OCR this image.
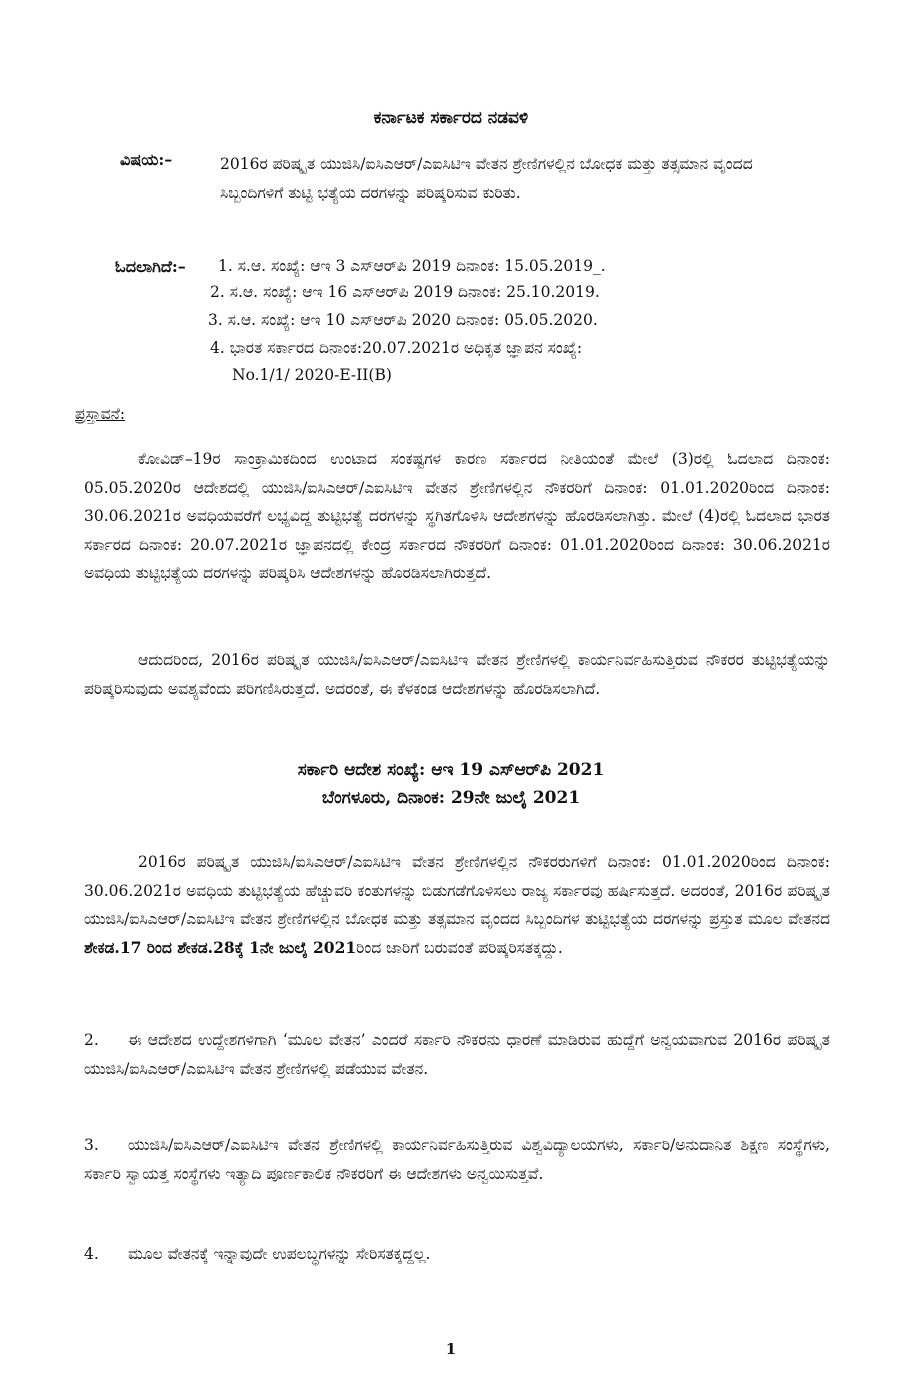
ಕರ್ನಾಟಕ ಸರ್ಕಾರದ ನಡವಳಿ
ವಿಷಯ:–	2016ರ ಪರಿಷ್ಕೃತ ಯುಜಿಸಿ/ಐಸಿಎಆರ್/ಎಐಸಿಟಿಇ ವೇತನ ಶ್ರೇಣಿಗಳಲ್ಲಿನ ಬೋಧಕ ಮತ್ತು ತತ್ಸಮಾನ ವೃಂದದ ಸಿಬ್ಬಂದಿಗಳಿಗೆ ತುಟ್ಟಿ ಭತ್ಯೆಯ ದರಗಳನ್ನು ಪರಿಷ್ಕರಿಸುವ ಕುರಿತು.
ಓದಲಾಗಿದೆ:– 1. ಸ.ಆ. ಸಂಖ್ಯೆ: ಆಇ 3 ಎಸ್‌ಆರ್‌ಪಿ 2019 ದಿನಾಂಕ: 15.05.2019_.
2. ಸ.ಆ. ಸಂಖ್ಯೆ: ಆಇ 16 ಎಸ್‌ಆರ್‌ಪಿ 2019 ದಿನಾಂಕ: 25.10.2019.
3. ಸ.ಆ. ಸಂಖ್ಯೆ: ಆಇ 10 ಎಸ್‌ಆರ್‌ಪಿ 2020 ದಿನಾಂಕ: 05.05.2020.
4. ಭಾರತ ಸರ್ಕಾರದ ದಿನಾಂಕ:20.07.2021ರ ಅಧಿಕೃತ ಜ್ಞಾಪನ ಸಂಖ್ಯೆ:
No.1/1/ 2020-E-II(B)
ಪ್ರಸ್ತಾವನೆ:
ಕೋವಿಡ್–19ರ ಸಾಂಕ್ರಾಮಿಕದಿಂದ ಉಂಟಾದ ಸಂಕಷ್ಟಗಳ ಕಾರಣ ಸರ್ಕಾರದ ನೀತಿಯಂತೆ ಮೇಲೆ (3)ರಲ್ಲಿ ಓದಲಾದ ದಿನಾಂಕ: 05.05.2020ರ ಆದೇಶದಲ್ಲಿ ಯುಜಿಸಿ/ಐಸಿಎಆರ್/ಎಐಸಿಟಿಇ ವೇತನ ಶ್ರೇಣಿಗಳಲ್ಲಿನ ನೌಕರರಿಗೆ ದಿನಾಂಕ: 01.01.2020ರಿಂದ ದಿನಾಂಕ: 30.06.2021ರ ಅವಧಿಯವರೆಗೆ ಲಭ್ಯವಿದ್ದ ತುಟ್ಟಿಭತ್ಯೆ ದರಗಳನ್ನು ಸ್ಥಗಿತಗೊಳಿಸಿ ಆದೇಶಗಳನ್ನು ಹೊರಡಿಸಲಾಗಿತ್ತು. ಮೇಲೆ (4)ರಲ್ಲಿ ಓದಲಾದ ಭಾರತ ಸರ್ಕಾರದ ದಿನಾಂಕ: 20.07.2021ರ ಜ್ಞಾಪನದಲ್ಲಿ ಕೇಂದ್ರ ಸರ್ಕಾರದ ನೌಕರರಿಗೆ ದಿನಾಂಕ: 01.01.2020ರಿಂದ ದಿನಾಂಕ: 30.06.2021ರ ಅವಧಿಯ ತುಟ್ಟಿಭತ್ಯೆಯ ದರಗಳನ್ನು ಪರಿಷ್ಕರಿಸಿ ಆದೇಶಗಳನ್ನು ಹೊರಡಿಸಲಾಗಿರುತ್ತದೆ.
ಆದುದರಿಂದ, 2016ರ ಪರಿಷ್ಕೃತ ಯುಜಿಸಿ/ಐಸಿಎಆರ್/ಎಐಸಿಟಿಇ ವೇತನ ಶ್ರೇಣಿಗಳಲ್ಲಿ ಕಾರ್ಯನಿರ್ವಹಿಸುತ್ತಿರುವ ನೌಕರರ ತುಟ್ಟಿಭತ್ಯೆಯನ್ನು ಪರಿಷ್ಕರಿಸುವುದು ಅವಶ್ಯವೆಂದು ಪರಿಗಣಿಸಿರುತ್ತದೆ. ಅದರಂತೆ, ಈ ಕೆಳಕಂಡ ಆದೇಶಗಳನ್ನು ಹೊರಡಿಸಲಾಗಿದೆ.
ಸರ್ಕಾರಿ ಆದೇಶ ಸಂಖ್ಯೆ: ಆಇ 19 ಎಸ್‌ಆರ್‌ಪಿ 2021
ಬೆಂಗಳೂರು, ದಿನಾಂಕ: 29ನೇ ಜುಲೈ 2021
2016ರ ಪರಿಷ್ಕೃತ ಯುಜಿಸಿ/ಐಸಿಎಆರ್/ಎಐಸಿಟಿಇ ವೇತನ ಶ್ರೇಣಿಗಳಲ್ಲಿನ ನೌಕರರುಗಳಿಗೆ ದಿನಾಂಕ: 01.01.2020ರಿಂದ ದಿನಾಂಕ: 30.06.2021ರ ಅವಧಿಯ ತುಟ್ಟಿಭತ್ಯೆಯ ಹೆಚ್ಚುವರಿ ಕಂತುಗಳನ್ನು ಬಿಡುಗಡೆಗೊಳಿಸಲು ರಾಜ್ಯ ಸರ್ಕಾರವು ಹರ್ಷಿಸುತ್ತದೆ. ಅದರಂತೆ, 2016ರ ಪರಿಷ್ಕೃತ ಯುಜಿಸಿ/ಐಸಿಎಆರ್/ಎಐಸಿಟಿಇ ವೇತನ ಶ್ರೇಣಿಗಳಲ್ಲಿನ ಬೋಧಕ ಮತ್ತು ತತ್ಸಮಾನ ವೃಂದದ ಸಿಬ್ಬಂದಿಗಳ ತುಟ್ಟಿಭತ್ಯೆಯ ದರಗಳನ್ನು ಪ್ರಸ್ತುತ ಮೂಲ ವೇತನದ ಶೇಕಡ.17 ರಿಂದ ಶೇಕಡ.28ಕ್ಕೆ 1ನೇ ಜುಲೈ 2021ರಿಂದ ಜಾರಿಗೆ ಬರುವಂತೆ ಪರಿಷ್ಕರಿಸತಕ್ಕದ್ದು.
2. ಈ ಆದೇಶದ ಉದ್ದೇಶಗಳಿಗಾಗಿ ‘ಮೂಲ ವೇತನ’ ಎಂದರೆ ಸರ್ಕಾರಿ ನೌಕರನು ಧಾರಣೆ ಮಾಡಿರುವ ಹುದ್ದೆಗೆ ಅನ್ವಯವಾಗುವ 2016ರ ಪರಿಷ್ಕೃತ ಯುಜಿಸಿ/ಐಸಿಎಆರ್/ಎಐಸಿಟಿಇ ವೇತನ ಶ್ರೇಣಿಗಳಲ್ಲಿ ಪಡೆಯುವ ವೇತನ.
3. ಯುಜಿಸಿ/ಐಸಿಎಆರ್/ಎಐಸಿಟಿಇ ವೇತನ ಶ್ರೇಣಿಗಳಲ್ಲಿ ಕಾರ್ಯನಿರ್ವಹಿಸುತ್ತಿರುವ ವಿಶ್ವವಿದ್ಯಾಲಯಗಳು, ಸರ್ಕಾರಿ/ಅನುದಾನಿತ ಶಿಕ್ಷಣ ಸಂಸ್ಥೆಗಳು, ಸರ್ಕಾರಿ ಸ್ವಾಯತ್ತ ಸಂಸ್ಥೆಗಳು ಇತ್ಯಾದಿ ಪೂರ್ಣಕಾಲಿಕ ನೌಕರರಿಗೆ ಈ ಆದೇಶಗಳು ಅನ್ವಯಿಸುತ್ತವೆ.
4. ಮೂಲ ವೇತನಕ್ಕೆ ಇನ್ನಾವುದೇ ಉಪಲಬ್ಧಗಳನ್ನು ಸೇರಿಸತಕ್ಕದ್ದಲ್ಲ.
1
